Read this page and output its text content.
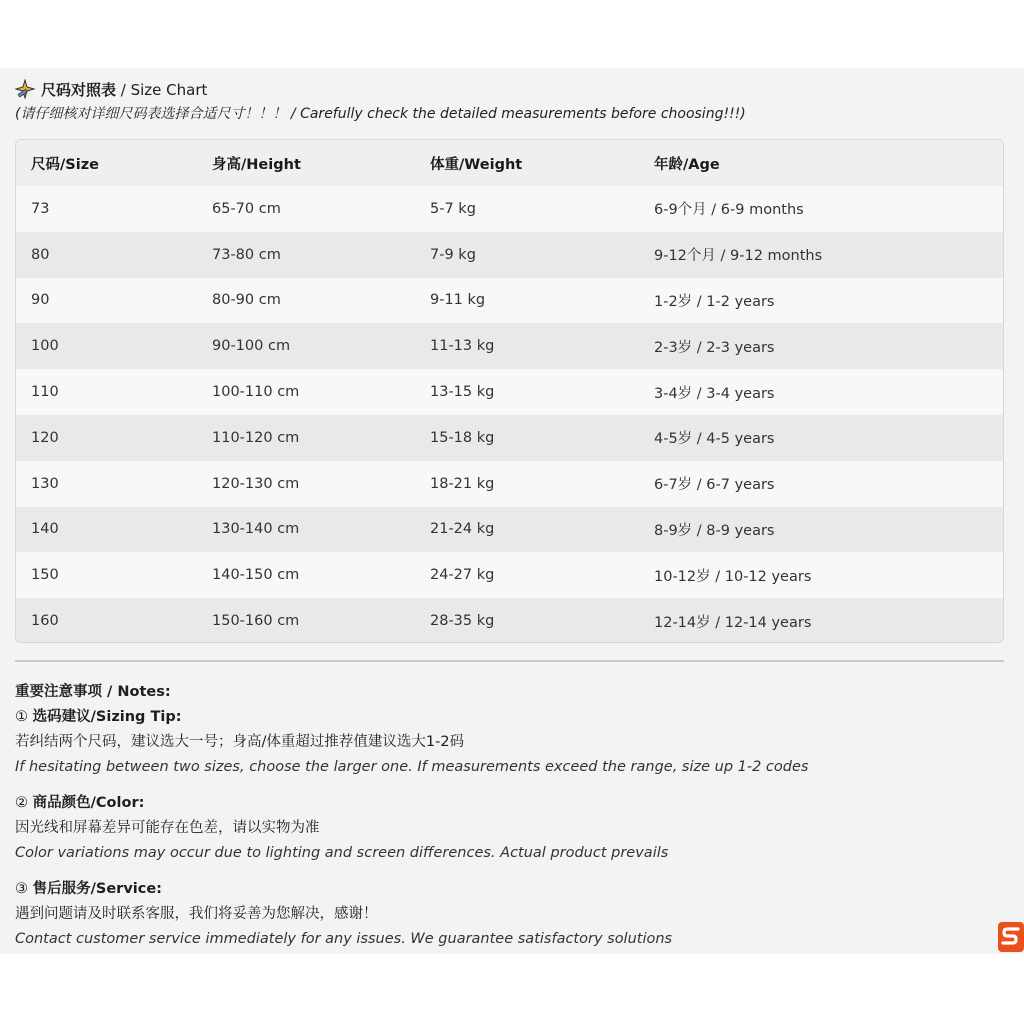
尺码对照表 / Size Chart
(请仔细核对详细尺码表选择合适尺寸！！！ / Carefully check the detailed measurements before choosing!!!)
尺码/Size	身高/Height	体重/Weight	年龄/Age
73	65-70 cm	5-7 kg	6-9个月 / 6-9 months
80	73-80 cm	7-9 kg	9-12个月 / 9-12 months
90	80-90 cm	9-11 kg	1-2岁 / 1-2 years
100	90-100 cm	11-13 kg	2-3岁 / 2-3 years
110	100-110 cm	13-15 kg	3-4岁 / 3-4 years
120	110-120 cm	15-18 kg	4-5岁 / 4-5 years
130	120-130 cm	18-21 kg	6-7岁 / 6-7 years
140	130-140 cm	21-24 kg	8-9岁 / 8-9 years
150	140-150 cm	24-27 kg	10-12岁 / 10-12 years
160	150-160 cm	28-35 kg	12-14岁 / 12-14 years
重要注意事项 / Notes:
① 选码建议/Sizing Tip:
若纠结两个尺码，建议选大一号；身高/体重超过推荐值建议选大1-2码
If hesitating between two sizes, choose the larger one. If measurements exceed the range, size up 1-2 codes
② 商品颜色/Color:
因光线和屏幕差异可能存在色差，请以实物为准
Color variations may occur due to lighting and screen differences. Actual product prevails
③ 售后服务/Service:
遇到问题请及时联系客服，我们将妥善为您解决，感谢！
Contact customer service immediately for any issues. We guarantee satisfactory solutions
